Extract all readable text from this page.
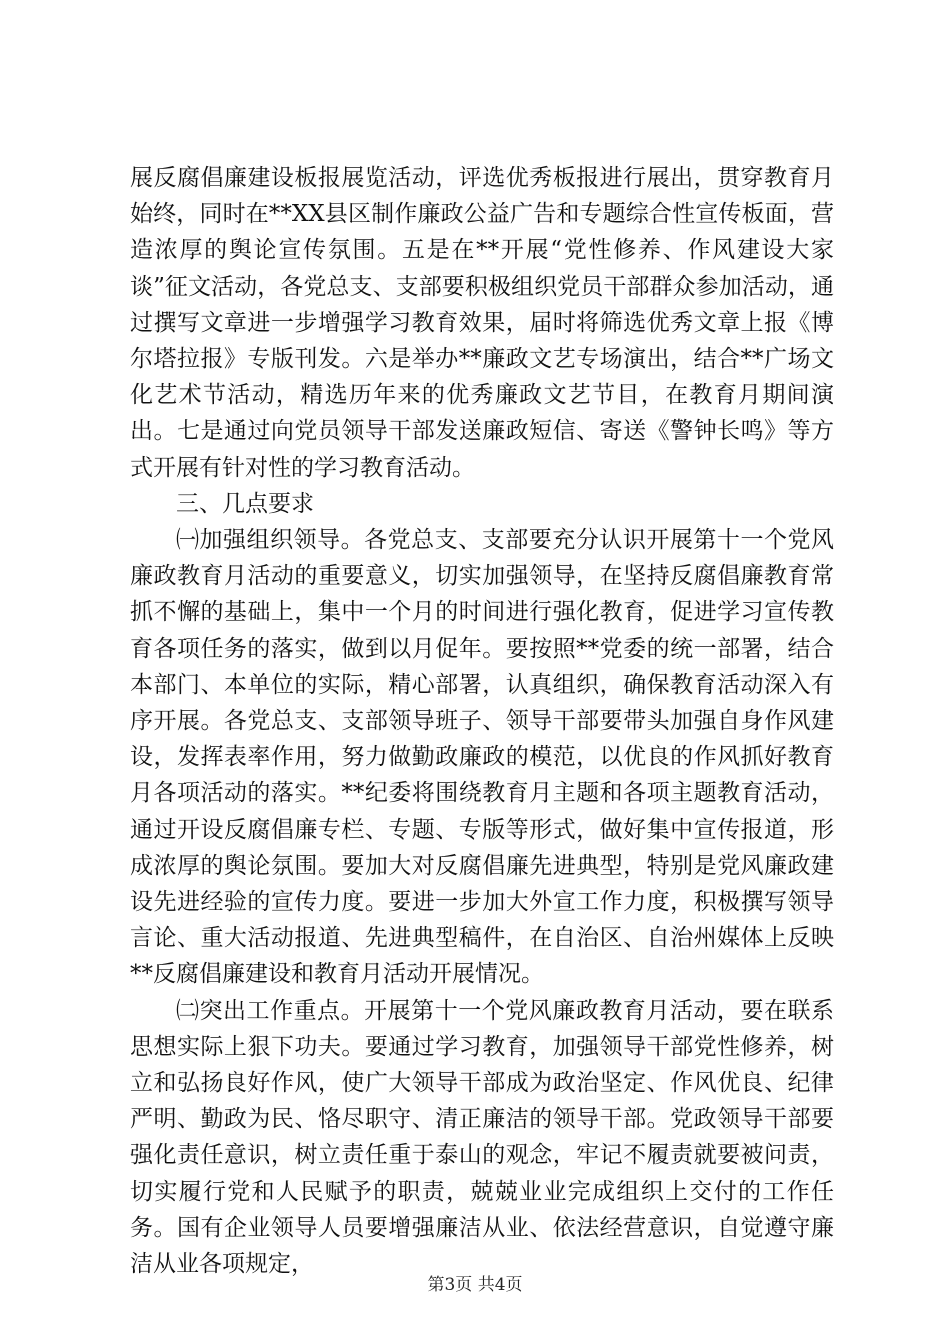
展反腐倡廉建设板报展览活动，评选优秀板报进行展出，贯穿教育月始终，同时在**XX县区制作廉政公益广告和专题综合性宣传板面，营造浓厚的舆论宣传氛围。五是在**开展“党性修养、作风建设大家谈”征文活动，各党总支、支部要积极组织党员干部群众参加活动，通过撰写文章进一步增强学习教育效果，届时将筛选优秀文章上报《博尔塔拉报》专版刊发。六是举办**廉政文艺专场演出，结合**广场文化艺术节活动，精选历年来的优秀廉政文艺节目，在教育月期间演出。七是通过向党员领导干部发送廉政短信、寄送《警钟长鸣》等方式开展有针对性的学习教育活动。

三、几点要求

㈠加强组织领导。各党总支、支部要充分认识开展第十一个党风廉政教育月活动的重要意义，切实加强领导，在坚持反腐倡廉教育常抓不懈的基础上，集中一个月的时间进行强化教育，促进学习宣传教育各项任务的落实，做到以月促年。要按照**党委的统一部署，结合本部门、本单位的实际，精心部署，认真组织，确保教育活动深入有序开展。各党总支、支部领导班子、领导干部要带头加强自身作风建设，发挥表率作用，努力做勤政廉政的模范，以优良的作风抓好教育月各项活动的落实。**纪委将围绕教育月主题和各项主题教育活动，通过开设反腐倡廉专栏、专题、专版等形式，做好集中宣传报道，形成浓厚的舆论氛围。要加大对反腐倡廉先进典型，特别是党风廉政建设先进经验的宣传力度。要进一步加大外宣工作力度，积极撰写领导言论、重大活动报道、先进典型稿件，在自治区、自治州媒体上反映**反腐倡廉建设和教育月活动开展情况。

㈡突出工作重点。开展第十一个党风廉政教育月活动，要在联系思想实际上狠下功夫。要通过学习教育，加强领导干部党性修养，树立和弘扬良好作风，使广大领导干部成为政治坚定、作风优良、纪律严明、勤政为民、恪尽职守、清正廉洁的领导干部。党政领导干部要强化责任意识，树立责任重于泰山的观念，牢记不履责就要被问责，切实履行党和人民赋予的职责，兢兢业业完成组织上交付的工作任务。国有企业领导人员要增强廉洁从业、依法经营意识，自觉遵守廉洁从业各项规定，

第3页 共4页
